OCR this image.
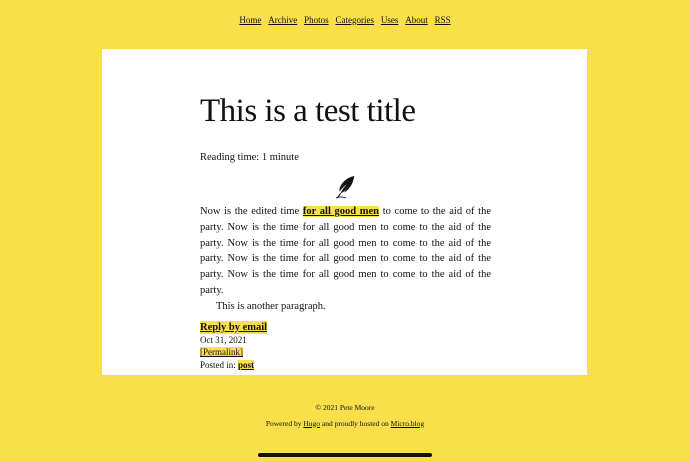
Home Archive Photos Categories Uses About RSS
This is a test title
Reading time: 1 minute

Now is the edited time for all good men to come to the aid of the party. Now is the time for all good men to come to the aid of the party. Now is the time for all good men to come to the aid of the party. Now is the time for all good men to come to the aid of the party. Now is the time for all good men to come to the aid of the party.

This is another paragraph.

Reply by email
Oct 31, 2021
[Permalink]
Posted in: post
© 2021 Pete Moore
Powered by Hugo and proudly hosted on Micro.blog
